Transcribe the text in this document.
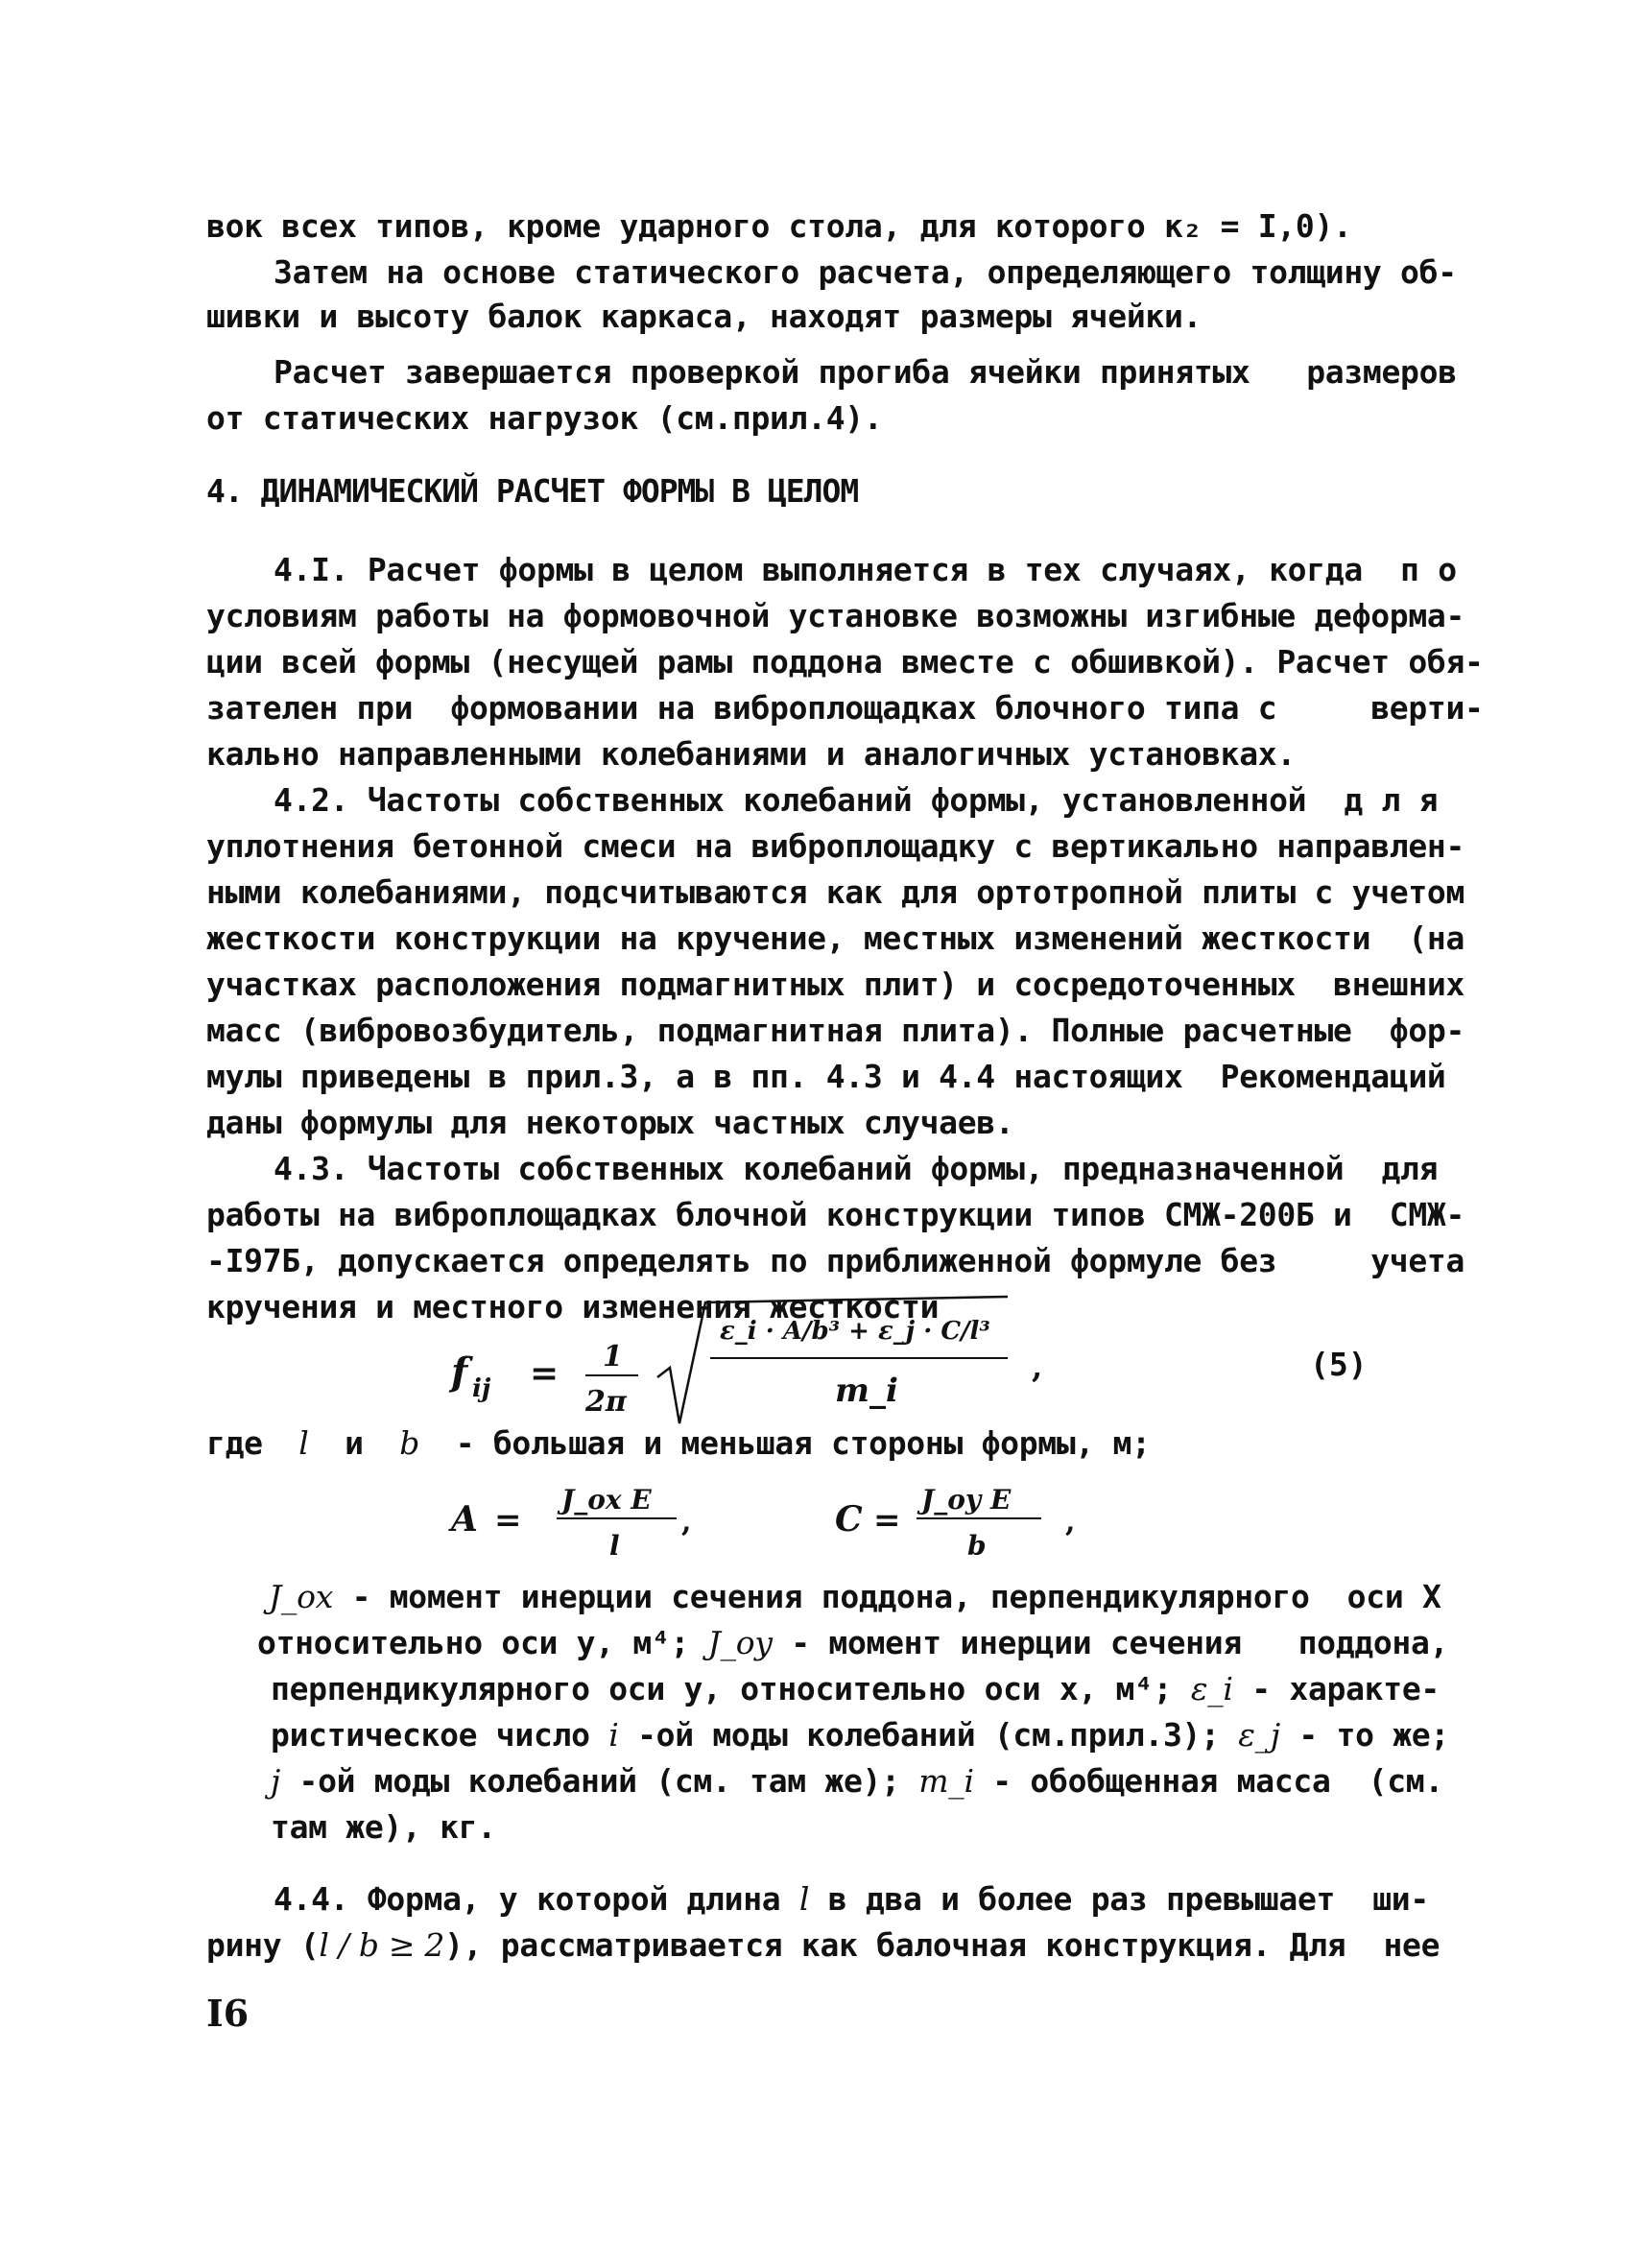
вок всех типов, кроме ударного стола, для которого κ₂ = I,0).
Затем на основе статического расчета, определяющего толщину об-
шивки и высоту балок каркаса, находят размеры ячейки.
Расчет завершается проверкой прогиба ячейки принятых   размеров
от статических нагрузок (см.прил.4).
4. ДИНАМИЧЕСКИЙ РАСЧЕТ ФОРМЫ В ЦЕЛОМ
4.I. Расчет формы в целом выполняется в тех случаях, когда  п о
условиям работы на формовочной установке возможны изгибные деформа-
ции всей формы (несущей рамы поддона вместе с обшивкой). Расчет обя-
зателен при  формовании на виброплощадках блочного типа с     верти-
кально направленными колебаниями и аналогичных установках.
4.2. Частоты собственных колебаний формы, установленной  д л я
уплотнения бетонной смеси на виброплощадку с вертикально направлен-
ными колебаниями, подсчитываются как для ортотропной плиты с учетом
жесткости конструкции на кручение, местных изменений жесткости  (на
участках расположения подмагнитных плит) и сосредоточенных  внешних
масс (вибровозбудитель, подмагнитная плита). Полные расчетные  фор-
мулы приведены в прил.3, а в пп. 4.3 и 4.4 настоящих  Рекомендаций
даны формулы для некоторых частных случаев.
4.3. Частоты собственных колебаний формы, предназначенной  для
работы на виброплощадках блочной конструкции типов СМЖ-200Б и  СМЖ-
-I97Б, допускается определять по приближенной формуле без     учета
кручения и местного изменения жесткости
f ij = 1
2π
ε_i · A/b³ + ε_j · C/l³
m_i
,	(5)
где l и b - большая и меньшая стороны формы, м;
A =
J_ox E
l
,	C =
J_oy E
b
,
J_ox - момент инерции сечения поддона, перпендикулярного  оси X
относительно оси у, м⁴; J_oy - момент инерции сечения   поддона,
перпендикулярного оси у, относительно оси х, м⁴; ε_i - характе-
ристическое число i -ой моды колебаний (см.прил.3); ε_j - то же;
j -ой моды колебаний (см. там же); m_i - обобщенная масса  (см.
там же), кг.
4.4. Форма, у которой длина l в два и более раз превышает  ши-
рину (l / b ≥ 2), рассматривается как балочная конструкция. Для  нее
I6
